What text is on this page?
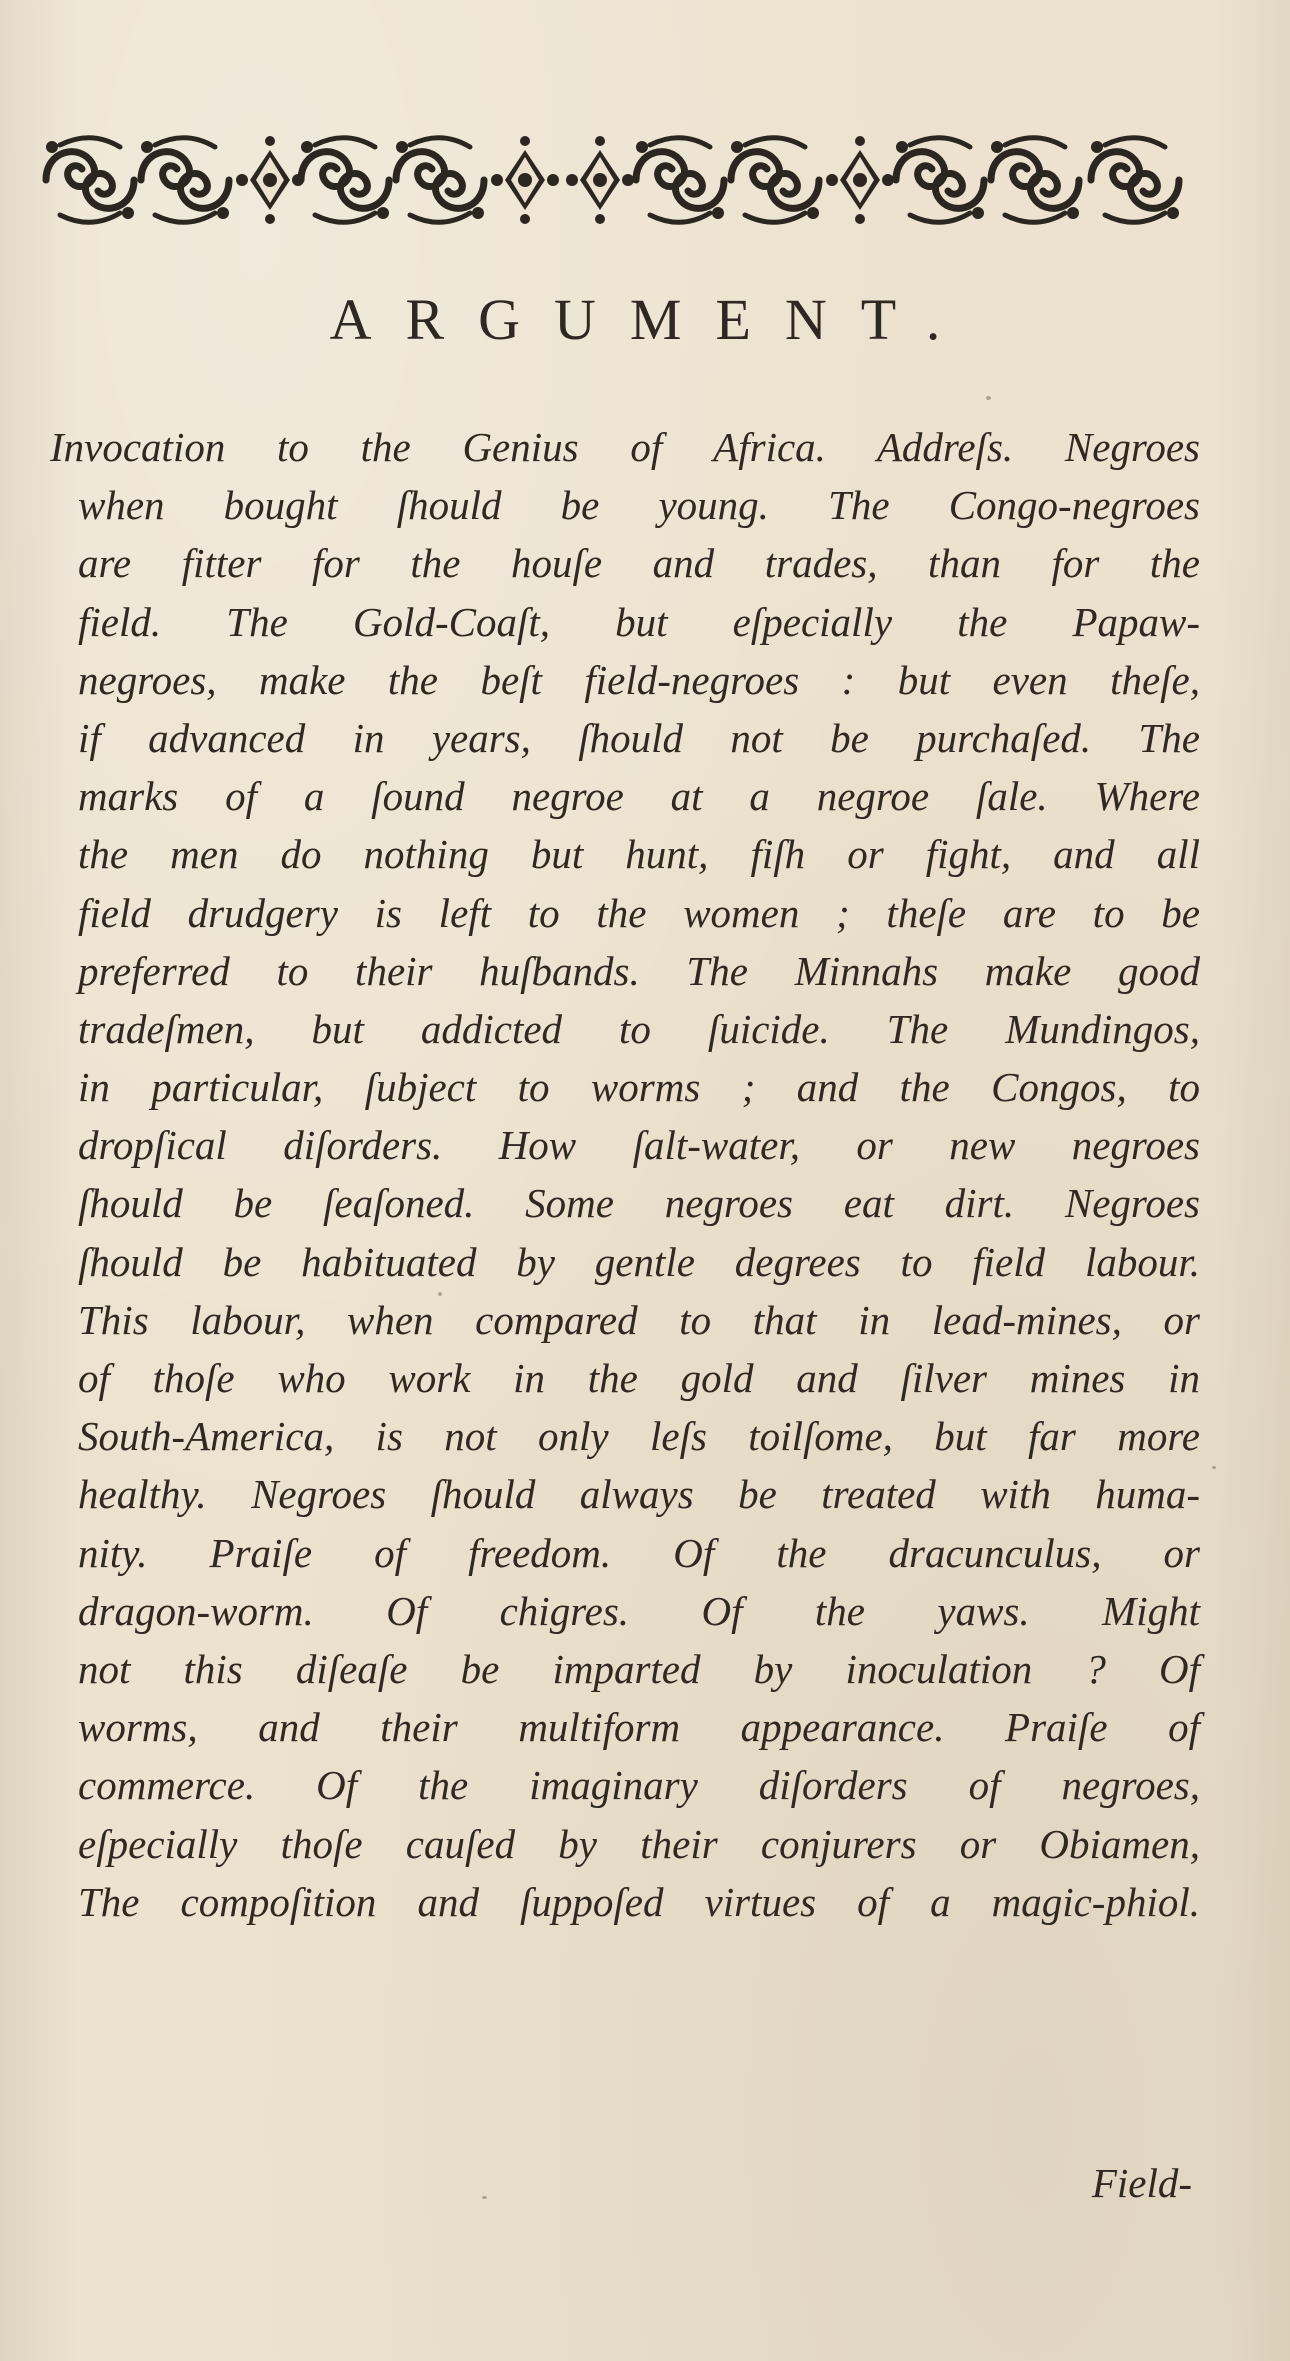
ARGUMENT.
Invocation to the Genius of Africa. Addreſs. Negroes
when bought ſhould be young. The Congo-negroes
are fitter for the houſe and trades, than for the
field. The Gold-Coaſt, but eſpecially the Papaw-
negroes, make the beſt field-negroes : but even theſe,
if advanced in years, ſhould not be purchaſed. The
marks of a ſound negroe at a negroe ſale. Where
the men do nothing but hunt, fiſh or fight, and all
field drudgery is left to the women ; theſe are to be
preferred to their huſbands. The Minnahs make good
tradeſmen, but addicted to ſuicide. The Mundingos,
in particular, ſubject to worms ; and the Congos, to
dropſical diſorders. How ſalt-water, or new negroes
ſhould be ſeaſoned. Some negroes eat dirt. Negroes
ſhould be habituated by gentle degrees to field labour.
This labour, when compared to that in lead-mines, or
of thoſe who work in the gold and ſilver mines in
South-America, is not only leſs toilſome, but far more
healthy. Negroes ſhould always be treated with huma-
nity. Praiſe of freedom. Of the dracunculus, or
dragon-worm. Of chigres. Of the yaws. Might
not this diſeaſe be imparted by inoculation ? Of
worms, and their multiform appearance. Praiſe of
commerce. Of the imaginary diſorders of negroes,
eſpecially thoſe cauſed by their conjurers or Obiamen,
The compoſition and ſuppoſed virtues of a magic-phiol.
Field-
